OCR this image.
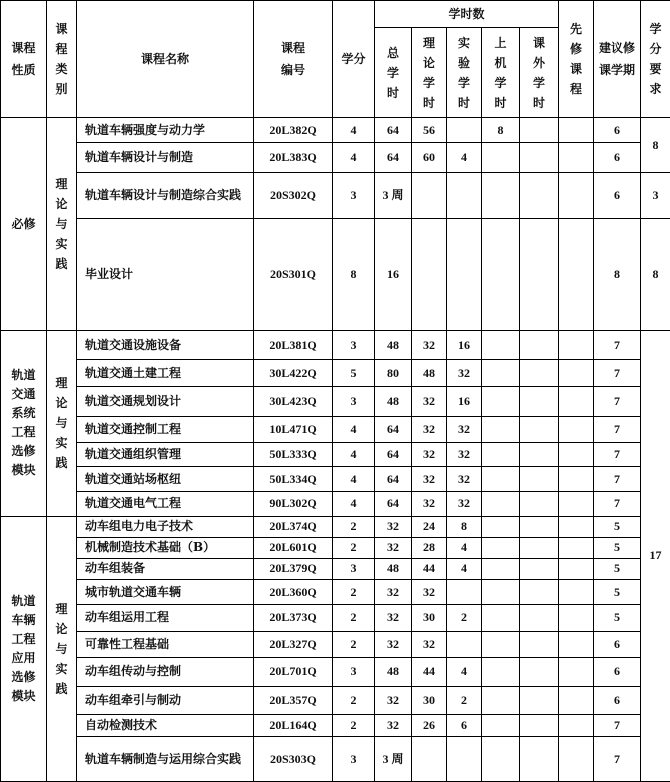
课程性质	课程类别	课程名称	课程编号	学分	学时数					先修课程	建议修课学期	学分要求
					总学时	理论学时	实验学时	上机学时	课外学时			
必修	理论与实践	轨道车辆强度与动力学	20L382Q	4	64	56		8			6	8
		轨道车辆设计与制造	20L383Q	4	64	60	4				6	
		轨道车辆设计与制造综合实践	20S302Q	3	3 周						6	3
		毕业设计	20S301Q	8	16						8	8
轨道交通系统工程选修模块	理论与实践	轨道交通设施设备	20L381Q	3	48	32	16				7	17
		轨道交通土建工程	30L422Q	5	80	48	32				7	
		轨道交通规划设计	30L423Q	3	48	32	16				7	
		轨道交通控制工程	10L471Q	4	64	32	32				7	
		轨道交通组织管理	50L333Q	4	64	32	32				7	
		轨道交通站场枢纽	50L334Q	4	64	32	32				7	
		轨道交通电气工程	90L302Q	4	64	32	32				7	
轨道车辆工程应用选修模块	理论与实践	动车组电力电子技术	20L374Q	2	32	24	8				5	
		机械制造技术基础（B）	20L601Q	2	32	28	4				5	
		动车组装备	20L379Q	3	48	44	4				5	
		城市轨道交通车辆	20L360Q	2	32	32					5	
		动车组运用工程	20L373Q	2	32	30	2				5	
		可靠性工程基础	20L327Q	2	32	32					6	
		动车组传动与控制	20L701Q	3	48	44	4				6	
		动车组牵引与制动	20L357Q	2	32	30	2				6	
		自动检测技术	20L164Q	2	32	26	6				7	
		轨道车辆制造与运用综合实践	20S303Q	3	3 周						7	
